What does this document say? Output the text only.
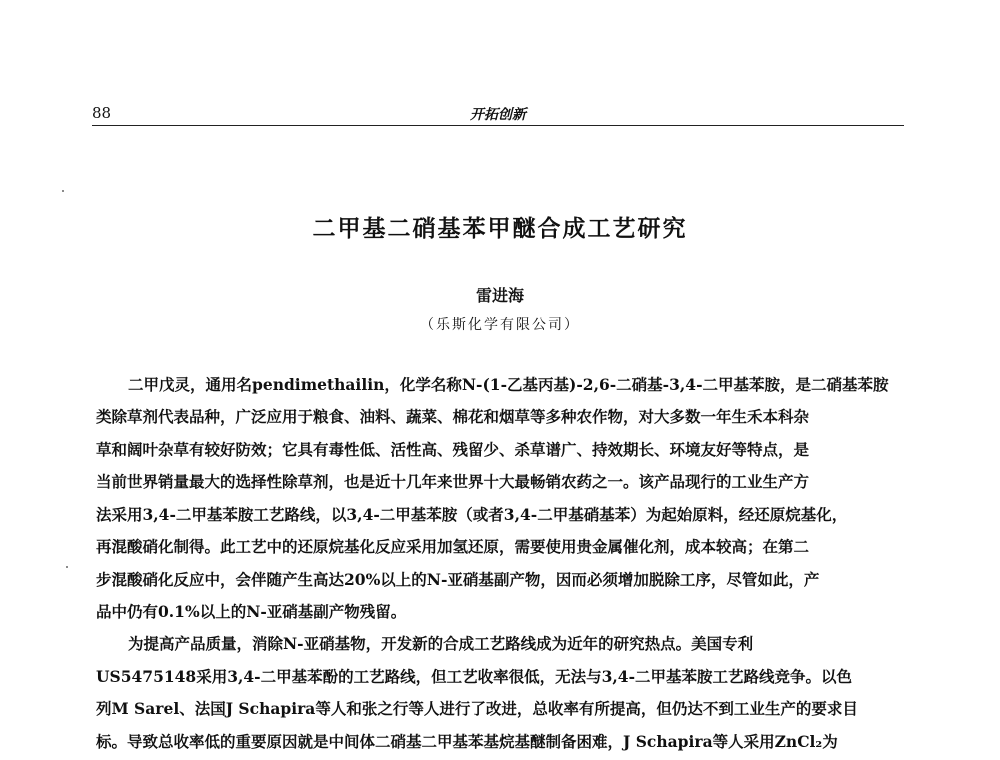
88	开拓创新
二甲基二硝基苯甲醚合成工艺研究
雷进海
（乐斯化学有限公司）
二甲戊灵，通用名pendimethailin，化学名称N-(1-乙基丙基)-2,6-二硝基-3,4-二甲基苯胺，是二硝基苯胺
类除草剂代表品种，广泛应用于粮食、油料、蔬菜、棉花和烟草等多种农作物，对大多数一年生禾本科杂
草和阔叶杂草有较好防效；它具有毒性低、活性高、残留少、杀草谱广、持效期长、环境友好等特点，是
当前世界销量最大的选择性除草剂，也是近十几年来世界十大最畅销农药之一。该产品现行的工业生产方
法采用3,4-二甲基苯胺工艺路线，以3,4-二甲基苯胺（或者3,4-二甲基硝基苯）为起始原料，经还原烷基化，
再混酸硝化制得。此工艺中的还原烷基化反应采用加氢还原，需要使用贵金属催化剂，成本较高；在第二
步混酸硝化反应中，会伴随产生高达20%以上的N-亚硝基副产物，因而必须增加脱除工序，尽管如此，产
品中仍有0.1%以上的N-亚硝基副产物残留。
为提高产品质量，消除N-亚硝基物，开发新的合成工艺路线成为近年的研究热点。美国专利
US5475148采用3,4-二甲基苯酚的工艺路线，但工艺收率很低，无法与3,4-二甲基苯胺工艺路线竞争。以色
列M Sarel、法国J Schapira等人和张之行等人进行了改进，总收率有所提高，但仍达不到工业生产的要求目
标。导致总收率低的重要原因就是中间体二硝基二甲基苯基烷基醚制备困难，J Schapira等人采用ZnCl₂为
